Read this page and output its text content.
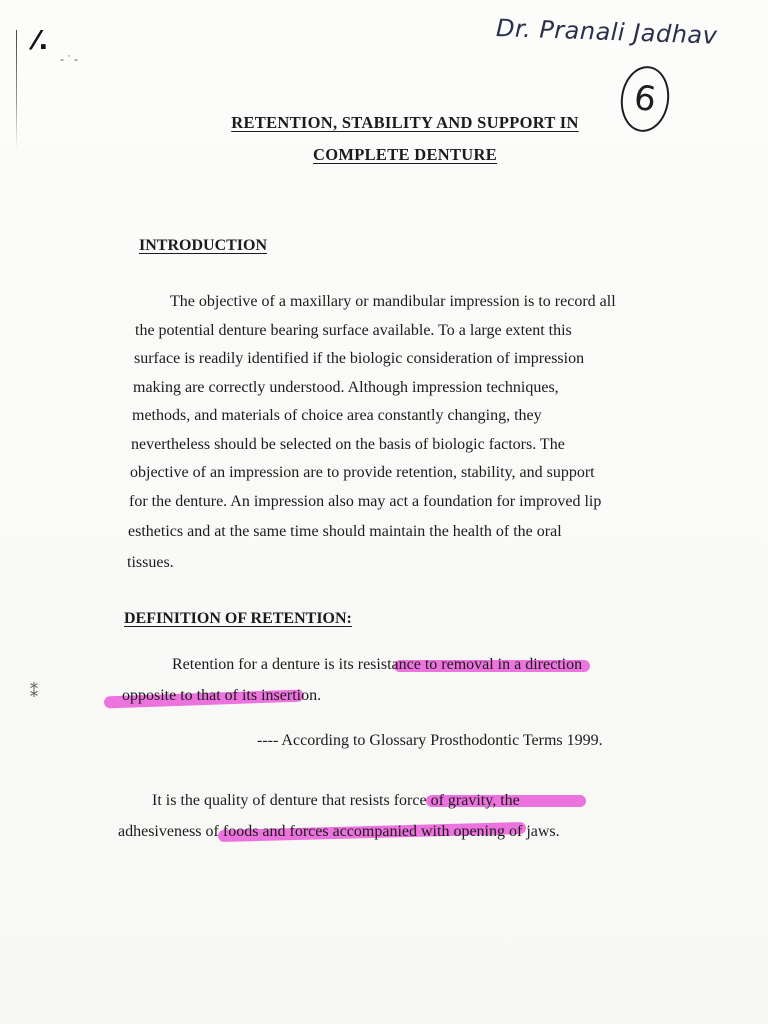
⁄.
- ˙ -
⁑
Dr. Pranali Jadhav
6
RETENTION, STABILITY AND SUPPORT IN
COMPLETE DENTURE
INTRODUCTION
The objective of a maxillary or mandibular impression is to record all
the potential denture bearing surface available. To a large extent this
surface is readily identified if the biologic consideration of impression
making are correctly understood. Although impression techniques,
methods, and materials of choice area constantly changing, they
nevertheless should be selected on the basis of biologic factors. The
objective of an impression are to provide retention, stability, and support
for the denture. An impression also may act a foundation for improved lip
esthetics and at the same time should maintain the health of the oral
tissues.
DEFINITION OF RETENTION:
Retention for a denture is its resistance to removal in a direction
opposite to that of its insertion.
---- According to Glossary Prosthodontic Terms 1999.
It is the quality of denture that resists force of gravity, the
adhesiveness of foods and forces accompanied with opening of jaws.
